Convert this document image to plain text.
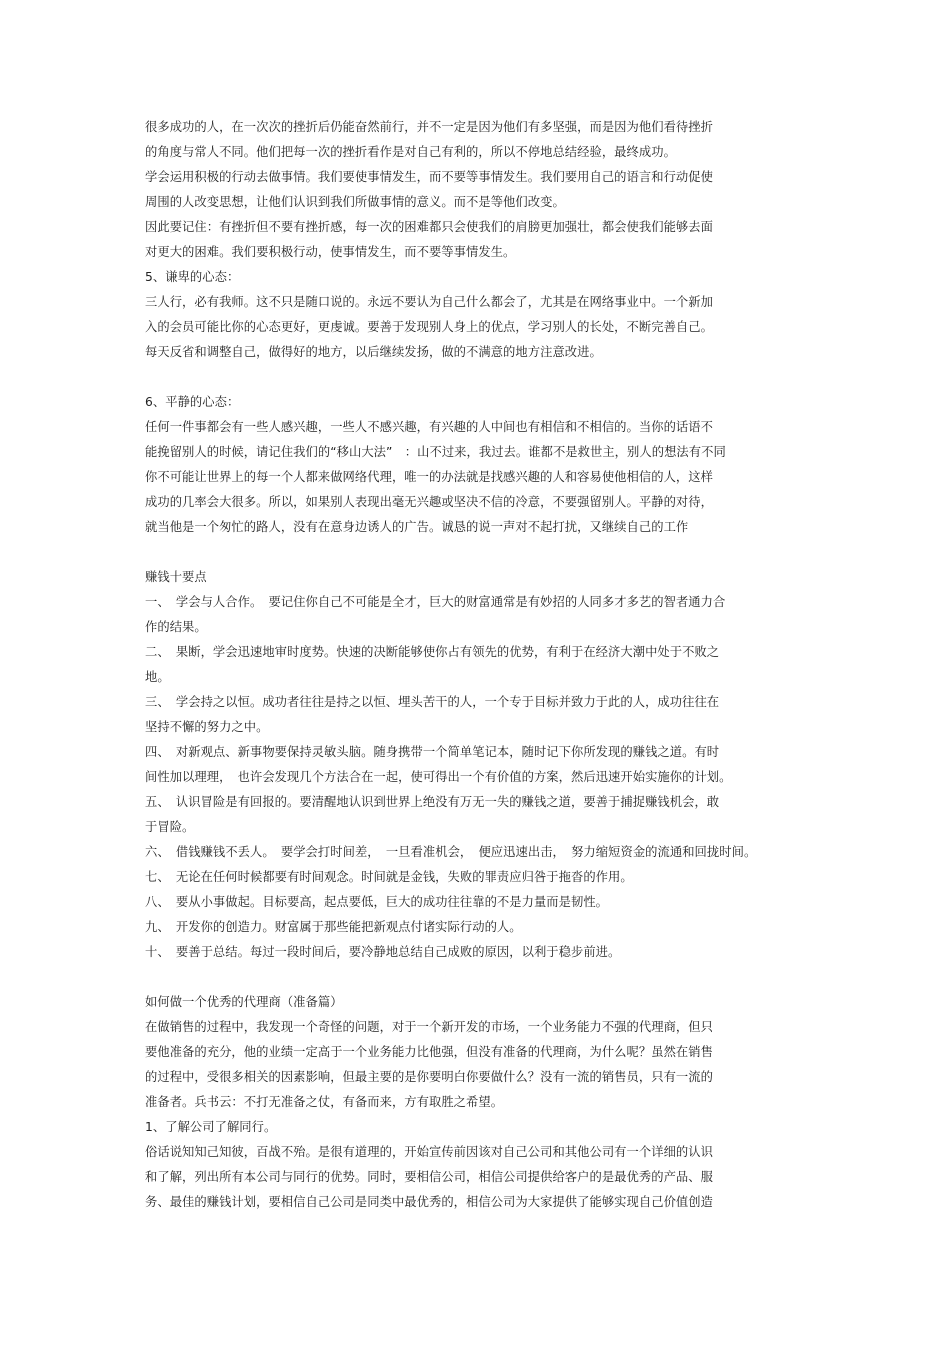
很多成功的人，在一次次的挫折后仍能奋然前行，并不一定是因为他们有多坚强，而是因为他们看待挫折
的角度与常人不同。他们把每一次的挫折看作是对自己有利的，所以不停地总结经验，最终成功。
学会运用积极的行动去做事情。我们要使事情发生，而不要等事情发生。我们要用自己的语言和行动促使
周围的人改变思想，让他们认识到我们所做事情的意义。而不是等他们改变。
因此要记住：有挫折但不要有挫折感，每一次的困难都只会使我们的肩膀更加强壮，都会使我们能够去面
对更大的困难。我们要积极行动，使事情发生，而不要等事情发生。
5、谦卑的心态：
三人行，必有我师。这不只是随口说的。永远不要认为自己什么都会了，尤其是在网络事业中。一个新加
入的会员可能比你的心态更好，更虔诚。要善于发现别人身上的优点，学习别人的长处，不断完善自己。
每天反省和调整自己，做得好的地方，以后继续发扬，做的不满意的地方注意改进。
6、平静的心态：
任何一件事都会有一些人感兴趣，一些人不感兴趣，有兴趣的人中间也有相信和不相信的。当你的话语不
能挽留别人的时候，请记住我们的“移山大法”　：山不过来，我过去。谁都不是救世主，别人的想法有不同
你不可能让世界上的每一个人都来做网络代理，唯一的办法就是找感兴趣的人和容易使他相信的人，这样
成功的几率会大很多。所以，如果别人表现出毫无兴趣或坚决不信的冷意，不要强留别人。平静的对待，
就当他是一个匆忙的路人，没有在意身边诱人的广告。诚恳的说一声对不起打扰，又继续自己的工作
赚钱十要点
一、　学会与人合作。　要记住你自己不可能是全才，巨大的财富通常是有妙招的人同多才多艺的智者通力合
作的结果。
二、　果断，学会迅速地审时度势。快速的决断能够使你占有领先的优势，有利于在经济大潮中处于不败之
地。
三、　学会持之以恒。成功者往往是持之以恒、埋头苦干的人，一个专于目标并致力于此的人，成功往往在
坚持不懈的努力之中。
四、　对新观点、新事物要保持灵敏头脑。随身携带一个简单笔记本，随时记下你所发现的赚钱之道。有时
间性加以理理，　也许会发现几个方法合在一起，使可得出一个有价值的方案，然后迅速开始实施你的计划。
五、　认识冒险是有回报的。要清醒地认识到世界上绝没有万无一失的赚钱之道，要善于捕捉赚钱机会，敢
于冒险。
六、　借钱赚钱不丢人。　要学会打时间差，　一旦看准机会，　便应迅速出击，　努力缩短资金的流通和回拢时间。
七、　无论在任何时候都要有时间观念。时间就是金钱，失败的罪责应归咎于拖沓的作用。
八、　要从小事做起。目标要高，起点要低，巨大的成功往往靠的不是力量而是韧性。
九、　开发你的创造力。财富属于那些能把新观点付诸实际行动的人。
十、　要善于总结。每过一段时间后，要冷静地总结自己成败的原因，以利于稳步前进。
如何做一个优秀的代理商（准备篇）
在做销售的过程中，我发现一个奇怪的问题，对于一个新开发的市场，一个业务能力不强的代理商，但只
要他准备的充分，他的业绩一定高于一个业务能力比他强，但没有准备的代理商，为什么呢？虽然在销售
的过程中，受很多相关的因素影响，但最主要的是你要明白你要做什么？没有一流的销售员，只有一流的
准备者。兵书云：不打无准备之仗，有备而来，方有取胜之希望。
1、了解公司了解同行。
俗话说知知己知彼，百战不殆。是很有道理的，开始宣传前因该对自己公司和其他公司有一个详细的认识
和了解，列出所有本公司与同行的优势。同时，要相信公司，相信公司提供给客户的是最优秀的产品、服
务、最佳的赚钱计划，要相信自己公司是同类中最优秀的，相信公司为大家提供了能够实现自己价值创造
